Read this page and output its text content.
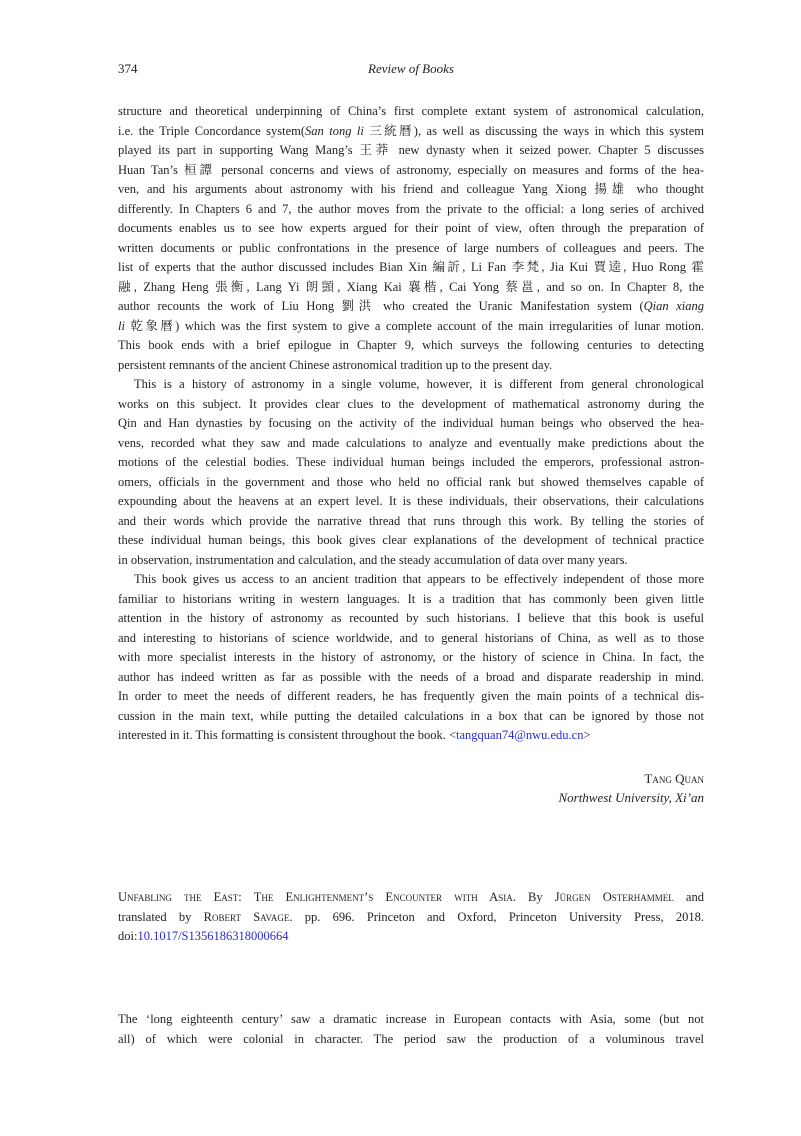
374	Review of Books
structure and theoretical underpinning of China’s first complete extant system of astronomical calculation,
i.e. the Triple Concordance system(San tong li 三統曆), as well as discussing the ways in which this system
played its part in supporting Wang Mang’s 王莽 new dynasty when it seized power. Chapter 5 discusses
Huan Tan’s 桓譚 personal concerns and views of astronomy, especially on measures and forms of the hea-
ven, and his arguments about astronomy with his friend and colleague Yang Xiong 揚雄 who thought
differently. In Chapters 6 and 7, the author moves from the private to the official: a long series of archived
documents enables us to see how experts argued for their point of view, often through the preparation of
written documents or public confrontations in the presence of large numbers of colleagues and peers. The
list of experts that the author discussed includes Bian Xin 編訢, Li Fan 李梵, Jia Kui 賈逵, Huo Rong 霍
融, Zhang Heng 張衡, Lang Yi 朗顗, Xiang Kai 襄楷, Cai Yong 蔡邕, and so on. In Chapter 8, the
author recounts the work of Liu Hong 劉洪 who created the Uranic Manifestation system (Qian xiang
li 乾象曆) which was the first system to give a complete account of the main irregularities of lunar motion.
This book ends with a brief epilogue in Chapter 9, which surveys the following centuries to detecting
persistent remnants of the ancient Chinese astronomical tradition up to the present day.
This is a history of astronomy in a single volume, however, it is different from general chronological
works on this subject. It provides clear clues to the development of mathematical astronomy during the
Qin and Han dynasties by focusing on the activity of the individual human beings who observed the hea-
vens, recorded what they saw and made calculations to analyze and eventually make predictions about the
motions of the celestial bodies. These individual human beings included the emperors, professional astron-
omers, officials in the government and those who held no official rank but showed themselves capable of
expounding about the heavens at an expert level. It is these individuals, their observations, their calculations
and their words which provide the narrative thread that runs through this work. By telling the stories of
these individual human beings, this book gives clear explanations of the development of technical practice
in observation, instrumentation and calculation, and the steady accumulation of data over many years.
This book gives us access to an ancient tradition that appears to be effectively independent of those more
familiar to historians writing in western languages. It is a tradition that has commonly been given little
attention in the history of astronomy as recounted by such historians. I believe that this book is useful
and interesting to historians of science worldwide, and to general historians of China, as well as to those
with more specialist interests in the history of astronomy, or the history of science in China. In fact, the
author has indeed written as far as possible with the needs of a broad and disparate readership in mind.
In order to meet the needs of different readers, he has frequently given the main points of a technical dis-
cussion in the main text, while putting the detailed calculations in a box that can be ignored by those not
interested in it. This formatting is consistent throughout the book. <tangquan74@nwu.edu.cn>
Tang Quan
Northwest University, Xi’an
Unfabling the East: The Enlightenment’s Encounter with Asia. By Jürgen Osterhammel and
translated by Robert Savage. pp. 696. Princeton and Oxford, Princeton University Press, 2018.
doi:10.1017/S1356186318000664
The ‘long eighteenth century’ saw a dramatic increase in European contacts with Asia, some (but not
all) of which were colonial in character. The period saw the production of a voluminous travel
